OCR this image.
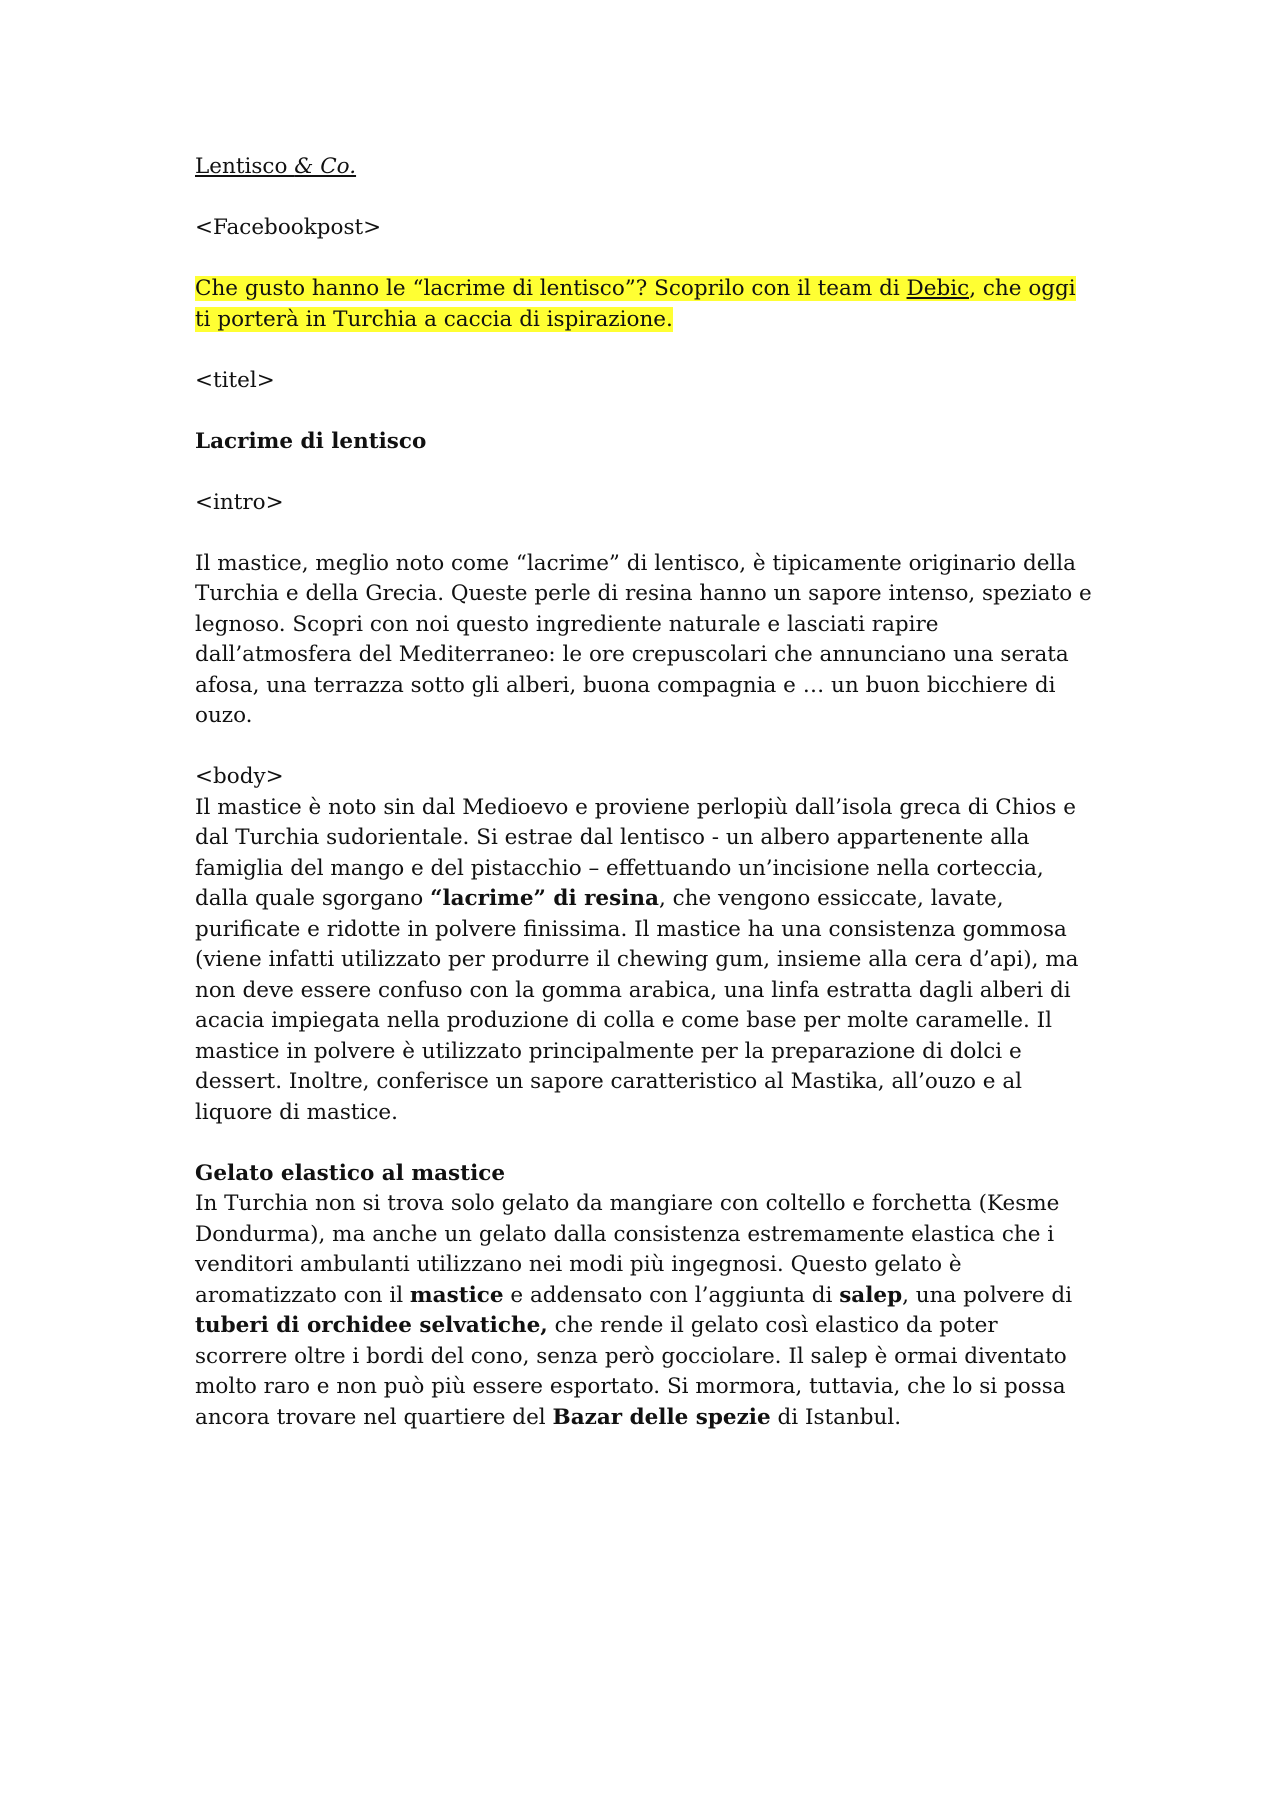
Lentisco & Co.

<Facebookpost>

Che gusto hanno le “lacrime di lentisco”? Scoprilo con il team di Debic, che oggi ti porterà in Turchia a caccia di ispirazione.

<titel>

Lacrime di lentisco

<intro>

Il mastice, meglio noto come “lacrime” di lentisco, è tipicamente originario della Turchia e della Grecia. Queste perle di resina hanno un sapore intenso, speziato e legnoso. Scopri con noi questo ingrediente naturale e lasciati rapire dall’atmosfera del Mediterraneo: le ore crepuscolari che annunciano una serata afosa, una terrazza sotto gli alberi, buona compagnia e … un buon bicchiere di ouzo.

<body>

Il mastice è noto sin dal Medioevo e proviene perlopiù dall’isola greca di Chios e dal Turchia sudorientale. Si estrae dal lentisco - un albero appartenente alla famiglia del mango e del pistacchio – effettuando un’incisione nella corteccia, dalla quale sgorgano “lacrime” di resina, che vengono essiccate, lavate, purificate e ridotte in polvere finissima. Il mastice ha una consistenza gommosa (viene infatti utilizzato per produrre il chewing gum, insieme alla cera d’api), ma non deve essere confuso con la gomma arabica, una linfa estratta dagli alberi di acacia impiegata nella produzione di colla e come base per molte caramelle. Il mastice in polvere è utilizzato principalmente per la preparazione di dolci e dessert. Inoltre, conferisce un sapore caratteristico al Mastika, all’ouzo e al liquore di mastice.

Gelato elastico al mastice

In Turchia non si trova solo gelato da mangiare con coltello e forchetta (Kesme Dondurma), ma anche un gelato dalla consistenza estremamente elastica che i venditori ambulanti utilizzano nei modi più ingegnosi. Questo gelato è aromatizzato con il mastice e addensato con l’aggiunta di salep, una polvere di tuberi di orchidee selvatiche, che rende il gelato così elastico da poter scorrere oltre i bordi del cono, senza però gocciolare. Il salep è ormai diventato molto raro e non può più essere esportato. Si mormora, tuttavia, che lo si possa ancora trovare nel quartiere del Bazar delle spezie di Istanbul.
